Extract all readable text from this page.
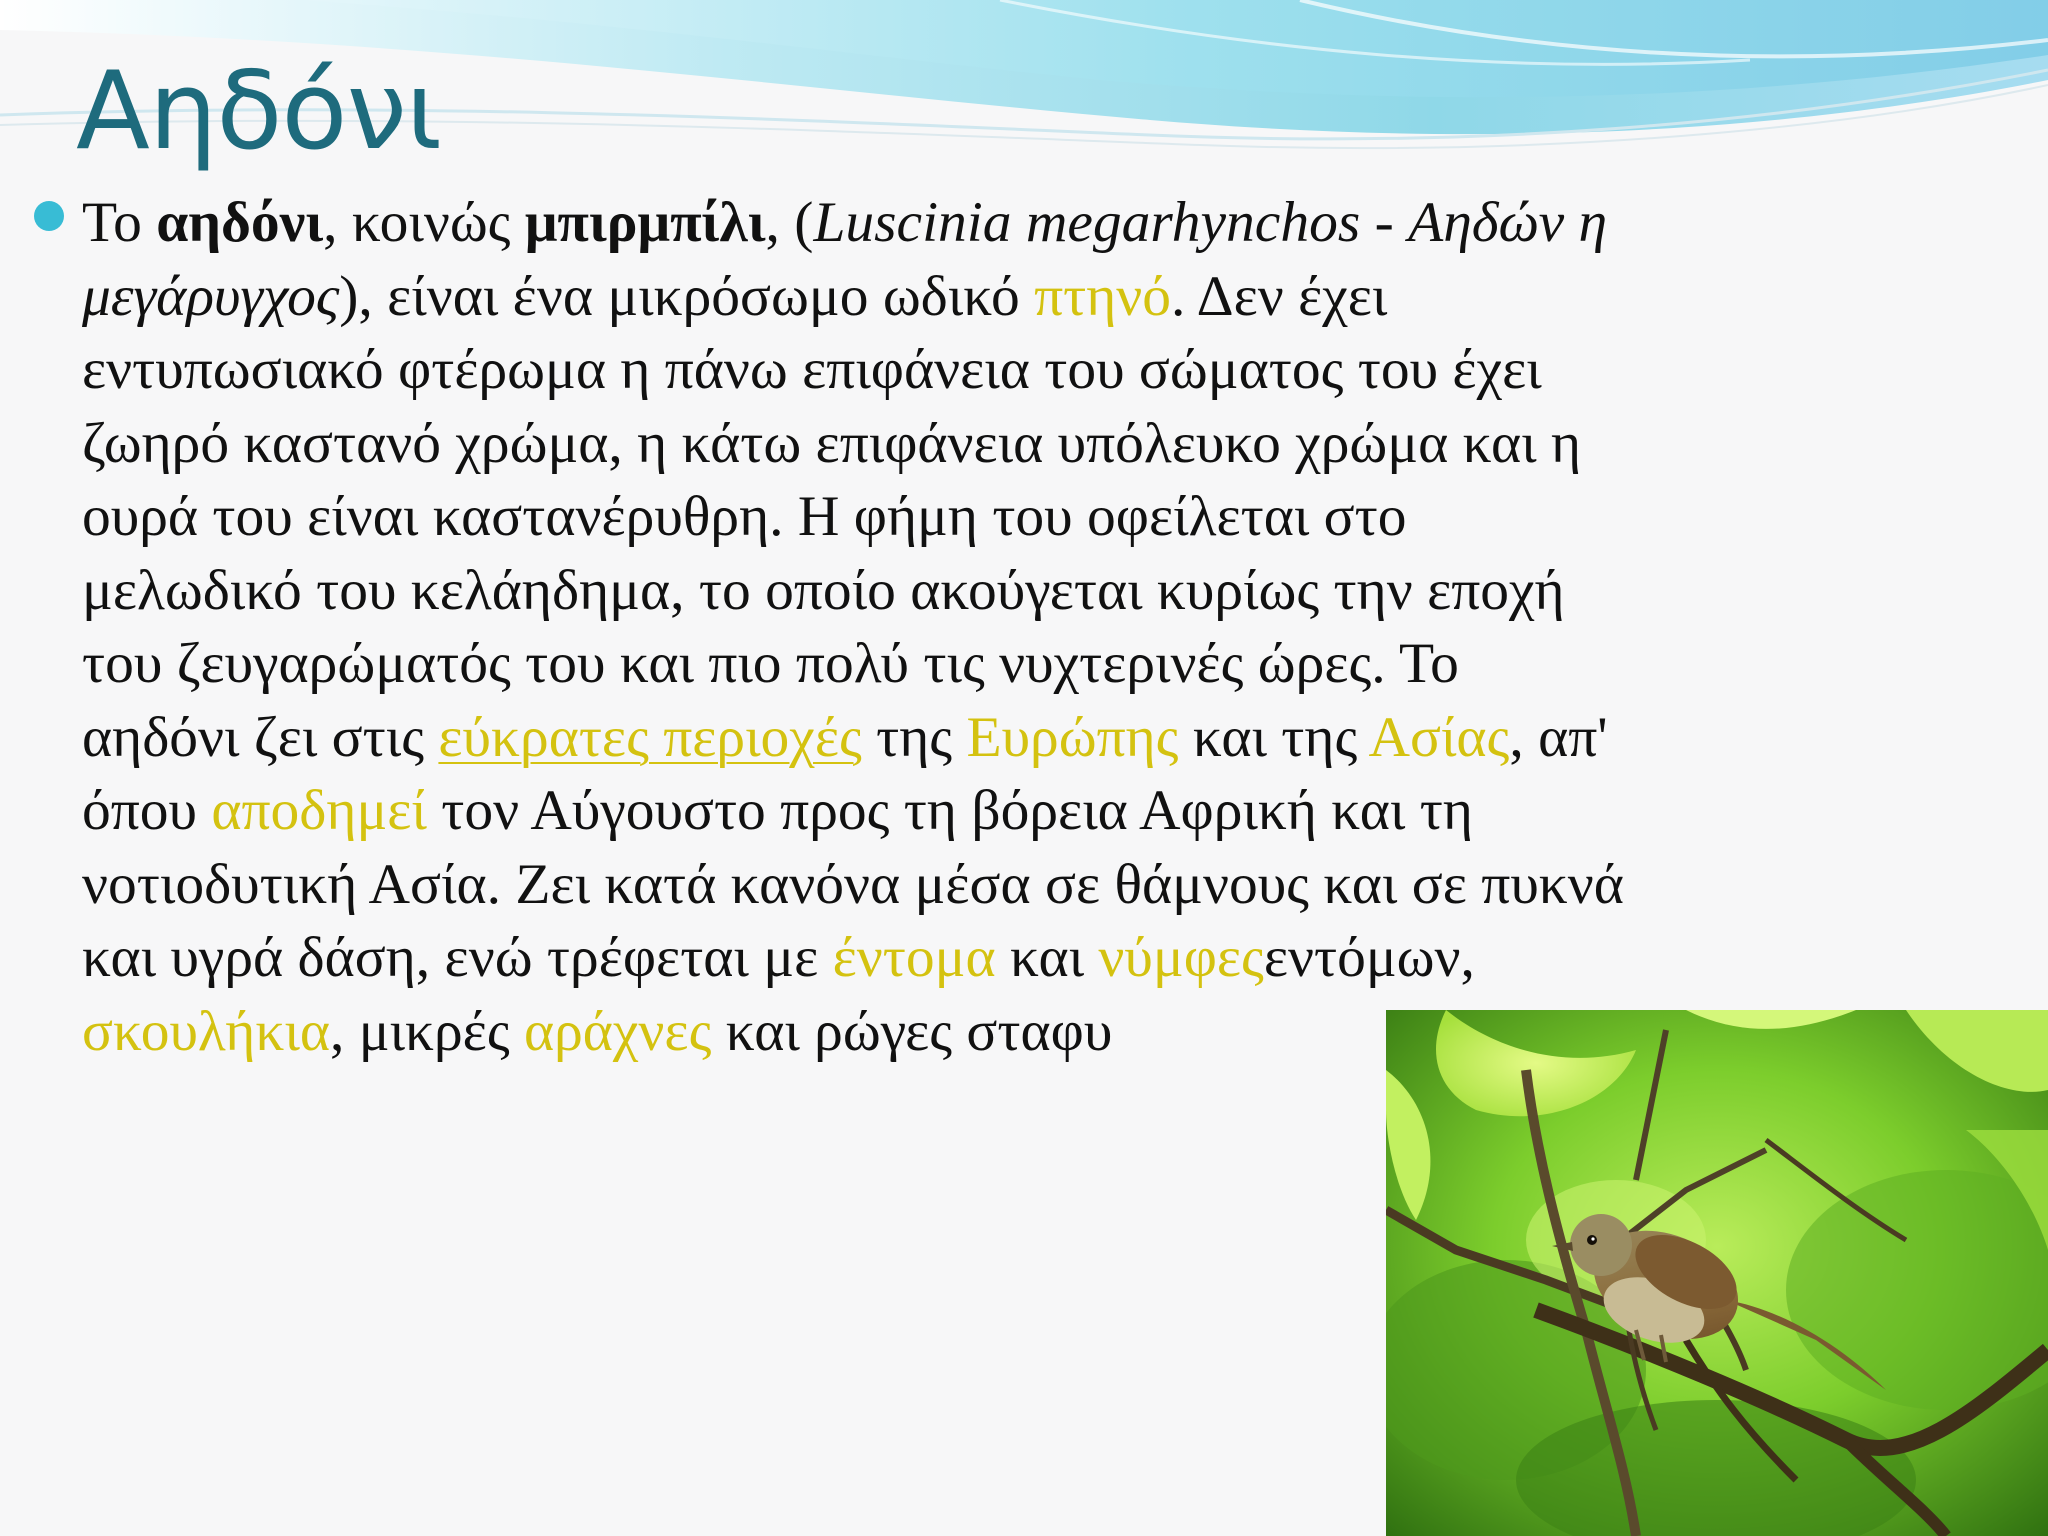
Αηδόνι
Το αηδόνι, κοινώς μπιρμπίλι, (Luscinia megarhynchos - Αηδών η
μεγάρυγχος), είναι ένα μικρόσωμο ωδικό πτηνό. Δεν έχει
εντυπωσιακό φτέρωμα η πάνω επιφάνεια του σώματος του έχει
ζωηρό καστανό χρώμα, η κάτω επιφάνεια υπόλευκο χρώμα και η
ουρά του είναι καστανέρυθρη. Η φήμη του οφείλεται στο
μελωδικό του κελάηδημα, το οποίο ακούγεται κυρίως την εποχή
του ζευγαρώματός του και πιο πολύ τις νυχτερινές ώρες. Το
αηδόνι ζει στις εύκρατες περιοχές της Ευρώπης και της Ασίας, απ'
όπου αποδημεί τον Αύγουστο προς τη βόρεια Αφρική και τη
νοτιοδυτική Ασία. Ζει κατά κανόνα μέσα σε θάμνους και σε πυκνά
και υγρά δάση, ενώ τρέφεται με έντομα και νύμφεςεντόμων,
σκουλήκια, μικρές αράχνες και ρώγες σταφυ
